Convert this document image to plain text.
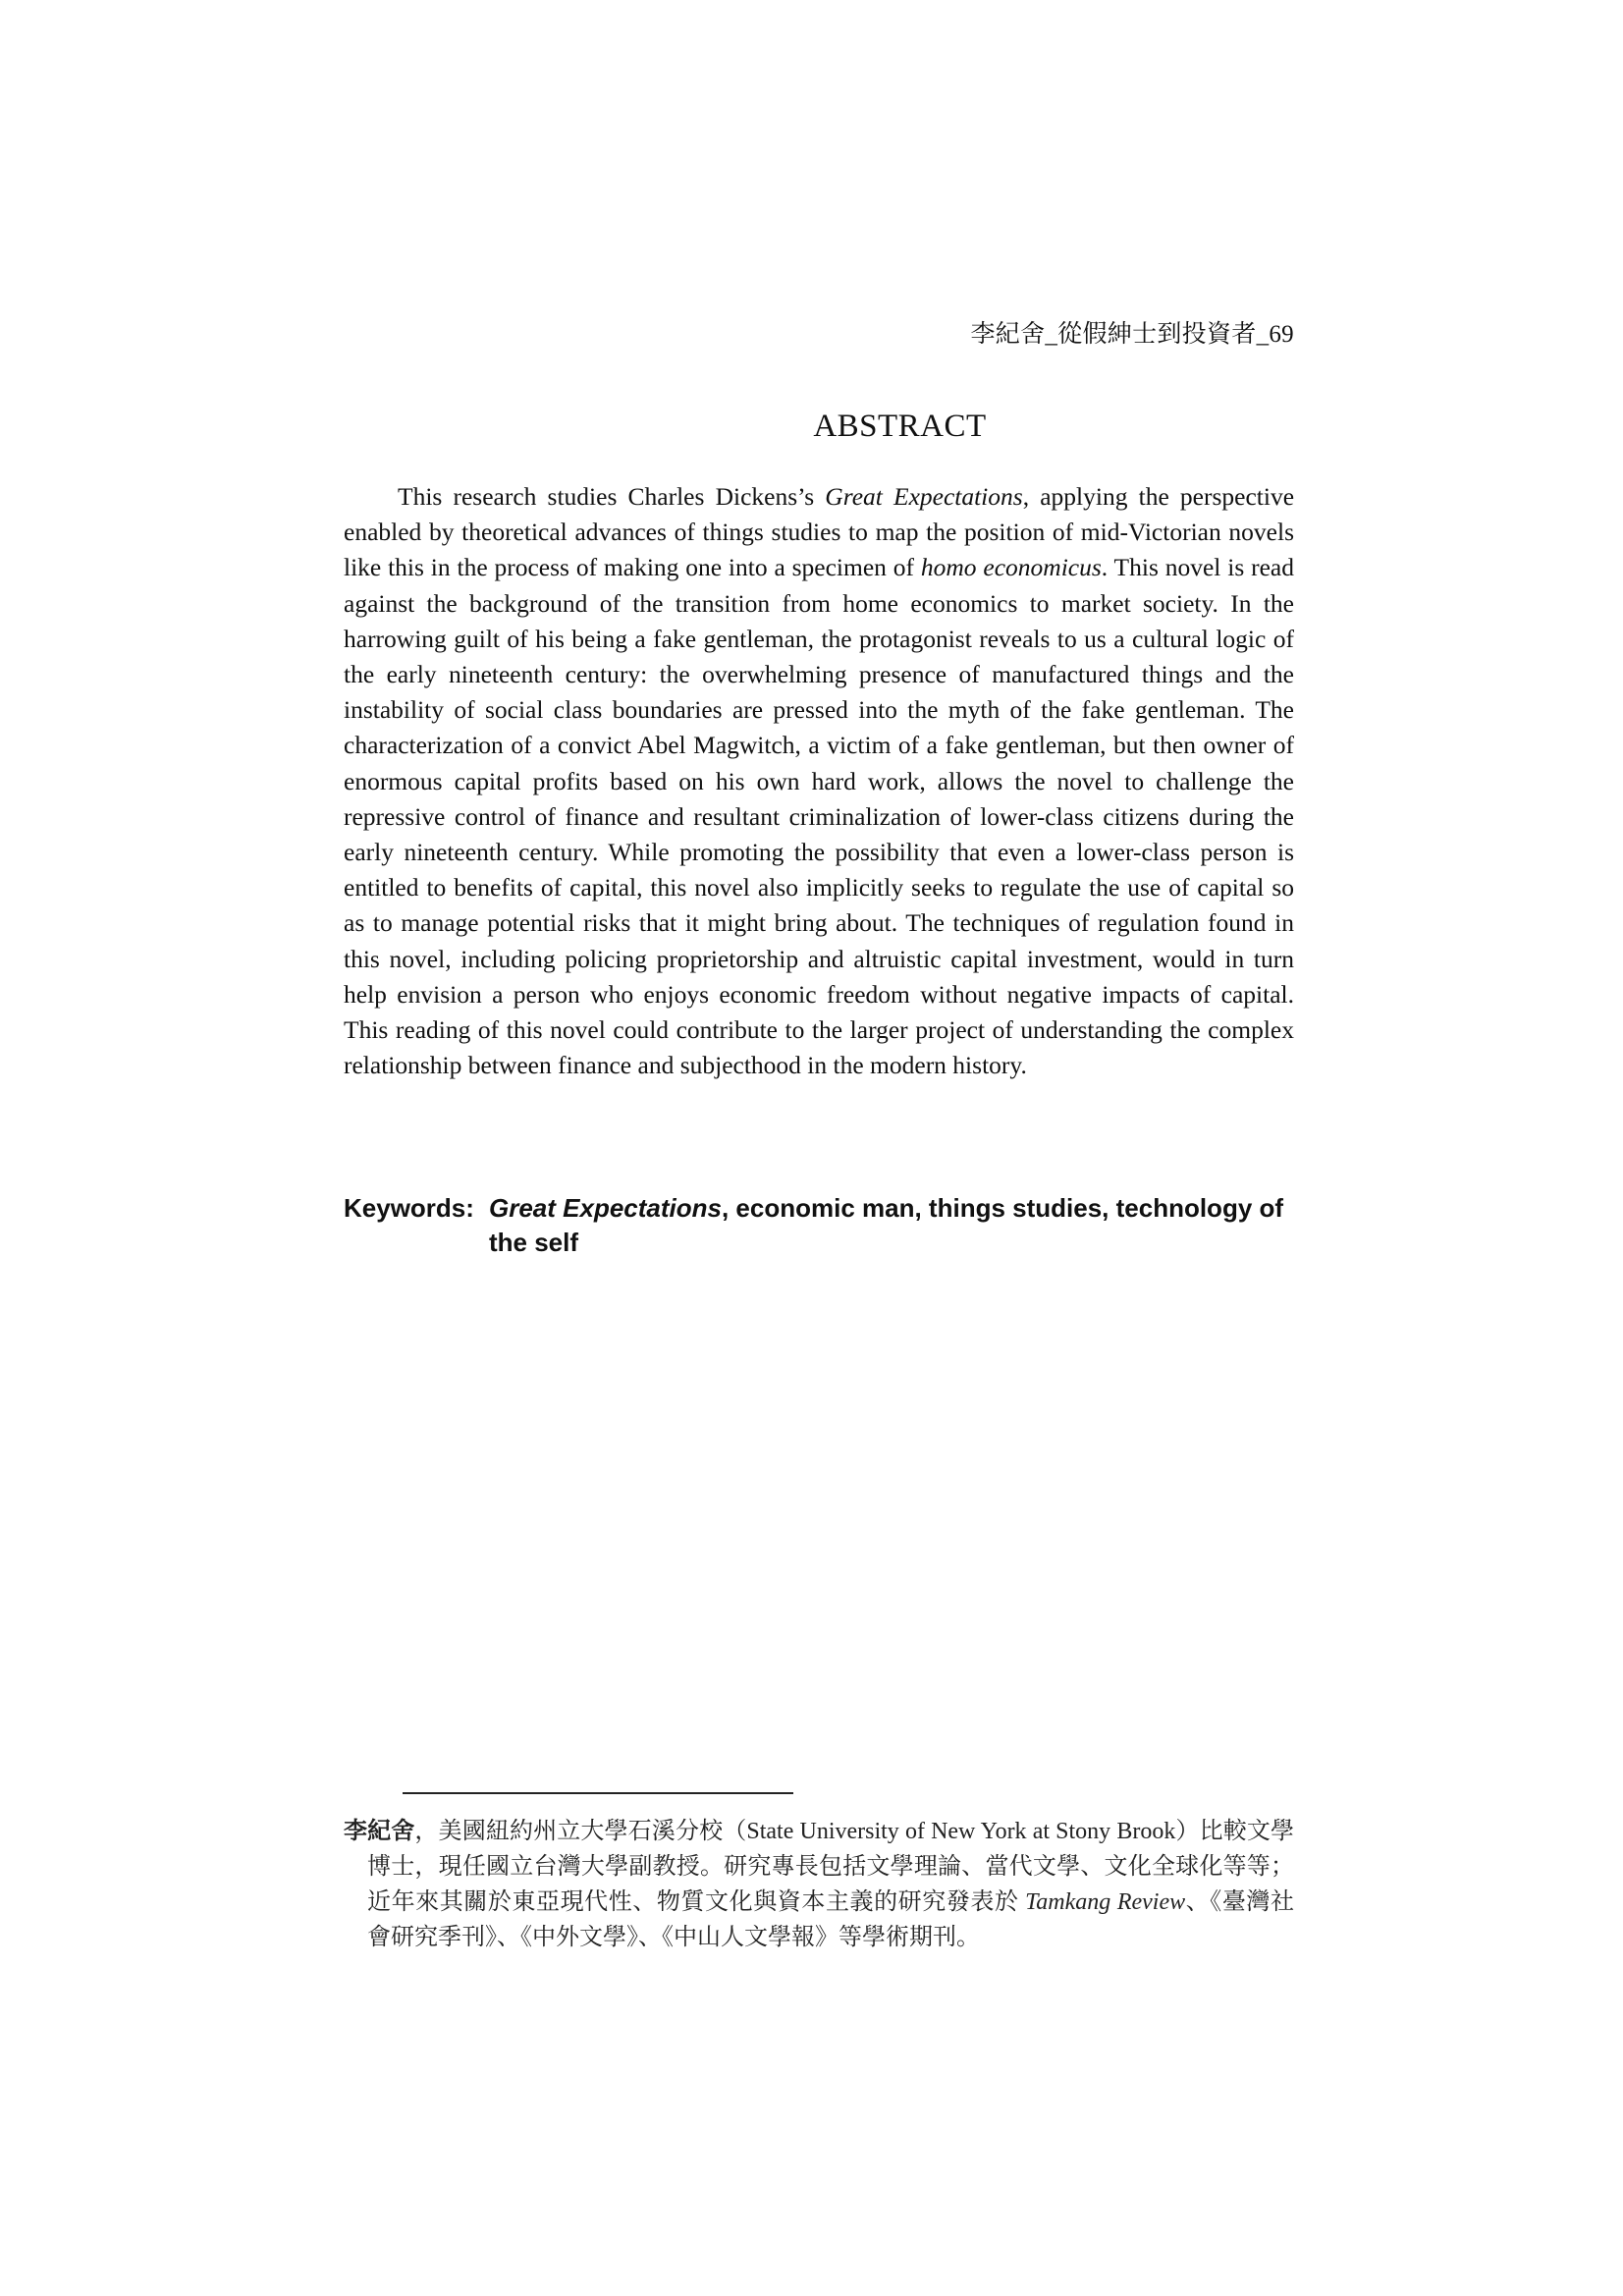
李紀舍_從假紳士到投資者_69
ABSTRACT

This research studies Charles Dickens’s Great Expectations, applying the perspective enabled by theoretical advances of things studies to map the position of mid-Victorian novels like this in the process of making one into a specimen of homo economicus. This novel is read against the background of the transition from home economics to market society. In the harrowing guilt of his being a fake gentleman, the protagonist reveals to us a cultural logic of the early nineteenth century: the overwhelming presence of manufactured things and the instability of social class boundaries are pressed into the myth of the fake gentleman. The characterization of a convict Abel Magwitch, a victim of a fake gentleman, but then owner of enormous capital profits based on his own hard work, allows the novel to challenge the repressive control of finance and resultant criminalization of lower-class citizens during the early nineteenth century. While promoting the possibility that even a lower-class person is entitled to benefits of capital, this novel also implicitly seeks to regulate the use of capital so as to manage potential risks that it might bring about. The techniques of regulation found in this novel, including policing proprietorship and altruistic capital investment, would in turn help envision a person who enjoys economic freedom without negative impacts of capital. This reading of this novel could contribute to the larger project of understanding the complex relationship between finance and subjecthood in the modern history.

Keywords: Great Expectations, economic man, things studies, technology of the self
李紀舍，美國紐約州立大學石溪分校（State University of New York at Stony Brook）比較文學博士，現任國立台灣大學副教授。研究專長包括文學理論、當代文學、文化全球化等等；近年來其關於東亞現代性、物質文化與資本主義的研究發表於 Tamkang Review、《臺灣社會研究季刊》、《中外文學》、《中山人文學報》等學術期刊。
